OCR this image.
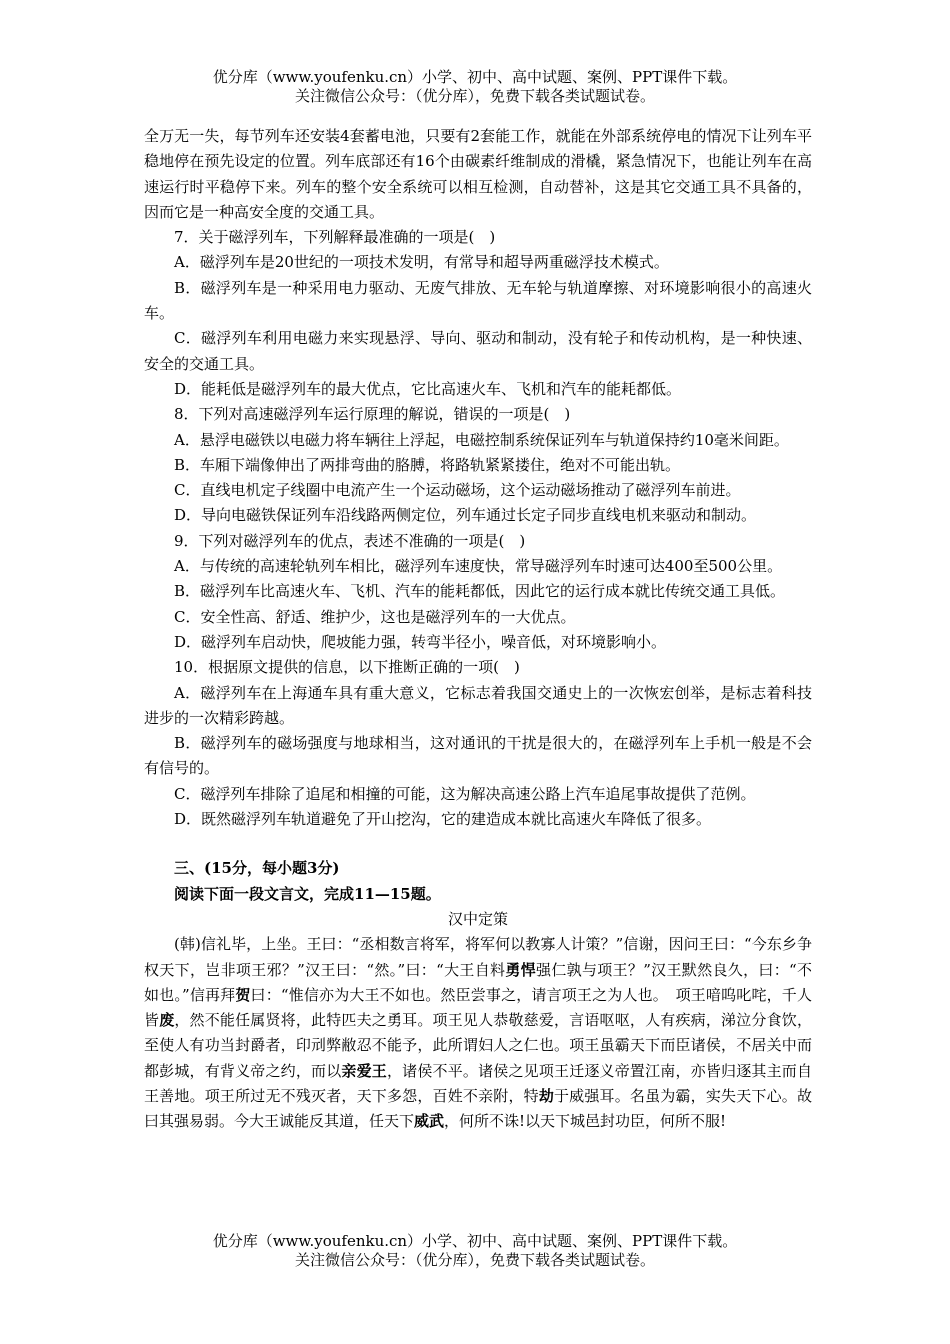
优分库（www.youfenku.cn）小学、初中、高中试题、案例、PPT课件下载。
关注微信公众号：（优分库），免费下载各类试题试卷。

全万无一失，每节列车还安装4套蓄电池，只要有2套能工作，就能在外部系统停电的情况下让列车平稳地停在预先设定的位置。列车底部还有16个由碳素纤维制成的滑橇，紧急情况下，也能让列车在高速运行时平稳停下来。列车的整个安全系统可以相互检测，自动替补，这是其它交通工具不具备的，因而它是一种高安全度的交通工具。

7．关于磁浮列车，下列解释最准确的一项是(　)

A．磁浮列车是20世纪的一项技术发明，有常导和超导两重磁浮技术模式。

B．磁浮列车是一种采用电力驱动、无废气排放、无车轮与轨道摩擦、对环境影响很小的高速火车。

C．磁浮列车利用电磁力来实现悬浮、导向、驱动和制动，没有轮子和传动机构，是一种快速、安全的交通工具。

D．能耗低是磁浮列车的最大优点，它比高速火车、飞机和汽车的能耗都低。

8．下列对高速磁浮列车运行原理的解说，错误的一项是(　)

A．悬浮电磁铁以电磁力将车辆往上浮起，电磁控制系统保证列车与轨道保持约10毫米间距。

B．车厢下端像伸出了两排弯曲的胳膊，将路轨紧紧搂住，绝对不可能出轨。

C．直线电机定子线圈中电流产生一个运动磁场，这个运动磁场推动了磁浮列车前进。

D．导向电磁铁保证列车沿线路两侧定位，列车通过长定子同步直线电机来驱动和制动。

9．下列对磁浮列车的优点，表述不准确的一项是(　)

A．与传统的高速轮轨列车相比，磁浮列车速度快，常导磁浮列车时速可达400至500公里。

B．磁浮列车比高速火车、飞机、汽车的能耗都低，因此它的运行成本就比传统交通工具低。

C．安全性高、舒适、维护少，这也是磁浮列车的一大优点。

D．磁浮列车启动快，爬坡能力强，转弯半径小，噪音低，对环境影响小。

10．根据原文提供的信息，以下推断正确的一项(　)

A．磁浮列车在上海通车具有重大意义，它标志着我国交通史上的一次恢宏创举，是标志着科技进步的一次精彩跨越。

B．磁浮列车的磁场强度与地球相当，这对通讯的干扰是很大的，在磁浮列车上手机一般是不会有信号的。

C．磁浮列车排除了追尾和相撞的可能，这为解决高速公路上汽车追尾事故提供了范例。

D．既然磁浮列车轨道避免了开山挖沟，它的建造成本就比高速火车降低了很多。

三、(15分，每小题3分)

阅读下面一段文言文，完成11—15题。

汉中定策

(韩)信礼毕，上坐。王曰：“丞相数言将军，将军何以教寡人计策？”信谢，因问王曰：“今东乡争权天下，岂非项王邪？”汉王曰：“然。”曰：“大王自料勇悍强仁孰与项王？”汉王默然良久，曰：“不如也。”信再拜贺曰：“惟信亦为大王不如也。然臣尝事之，请言项王之为人也。　项王喑呜叱咤，千人皆废，然不能任属贤将，此特匹夫之勇耳。项王见人恭敬慈爱，言语呕呕，人有疾病，涕泣分食饮，至使人有功当封爵者，印刓弊敝忍不能予，此所谓妇人之仁也。项王虽霸天下而臣诸侯，不居关中而都彭城，有背义帝之约，而以亲爱王，诸侯不平。诸侯之见项王迁逐义帝置江南，亦皆归逐其主而自王善地。项王所过无不残灭者，天下多怨，百姓不亲附，特劫于威强耳。名虽为霸，实失天下心。故曰其强易弱。今大王诚能反其道，任天下威武，何所不诛!以天下城邑封功臣，何所不服!

优分库（www.youfenku.cn）小学、初中、高中试题、案例、PPT课件下载。
关注微信公众号：（优分库），免费下载各类试题试卷。
